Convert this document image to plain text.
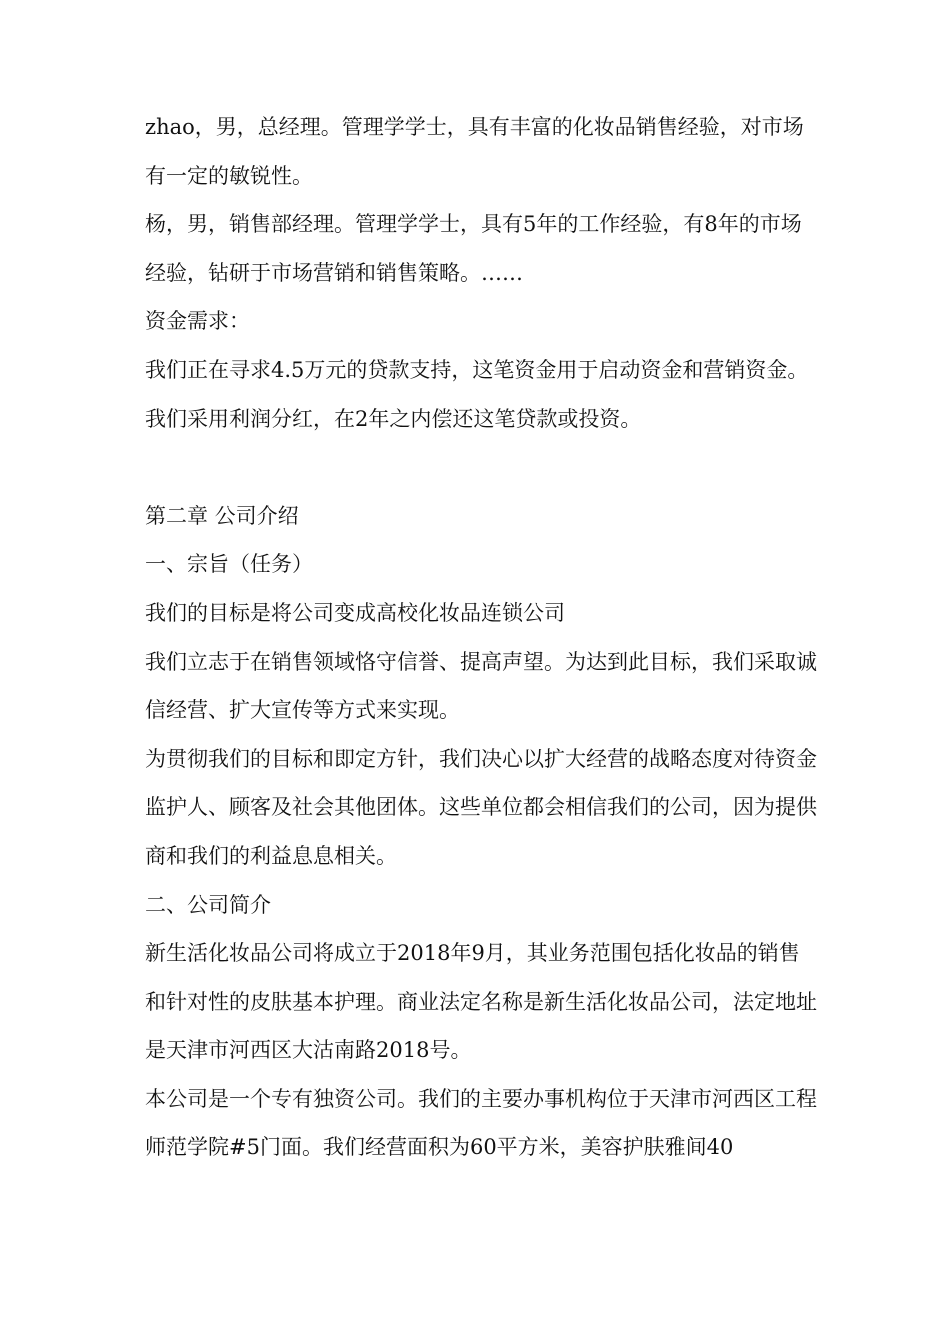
zhao，男，总经理。管理学学士，具有丰富的化妆品销售经验，对市场有一定的敏锐性。

杨，男，销售部经理。管理学学士，具有5年的工作经验，有8年的市场经验，钻研于市场营销和销售策略。……

资金需求：

我们正在寻求4.5万元的贷款支持，这笔资金用于启动资金和营销资金。我们采用利润分红，在2年之内偿还这笔贷款或投资。

第二章 公司介绍

一、宗旨（任务）

我们的目标是将公司变成高校化妆品连锁公司

我们立志于在销售领域恪守信誉、提高声望。为达到此目标，我们采取诚信经营、扩大宣传等方式来实现。

为贯彻我们的目标和即定方针，我们决心以扩大经营的战略态度对待资金监护人、顾客及社会其他团体。这些单位都会相信我们的公司，因为提供商和我们的利益息息相关。

二、公司简介

新生活化妆品公司将成立于2018年9月，其业务范围包括化妆品的销售和针对性的皮肤基本护理。商业法定名称是新生活化妆品公司，法定地址是天津市河西区大沽南路2018号。

本公司是一个专有独资公司。我们的主要办事机构位于天津市河西区工程师范学院#5门面。我们经营面积为60平方米，美容护肤雅间40
